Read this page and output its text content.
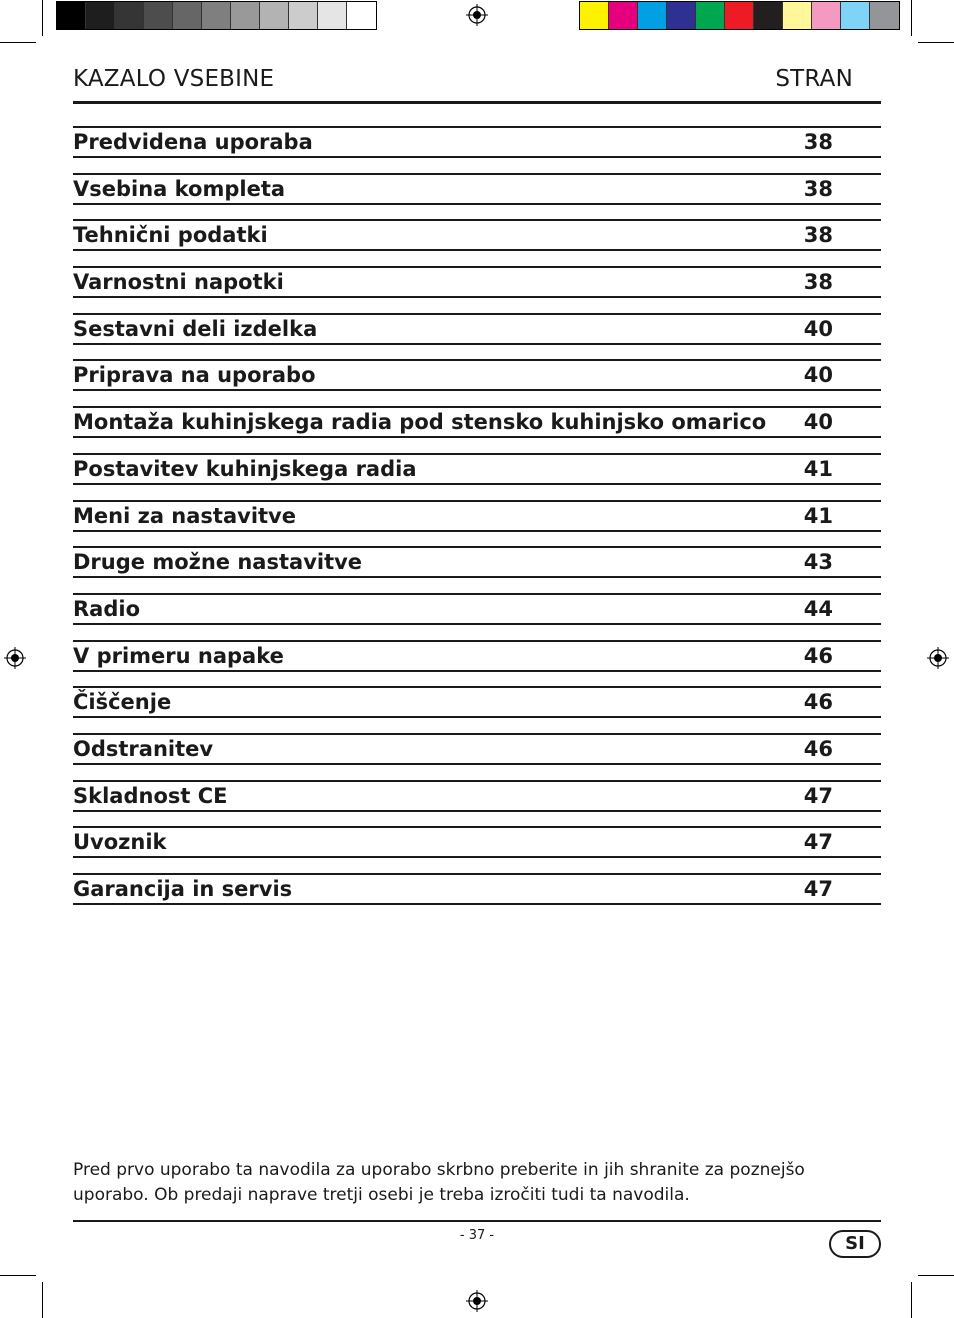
KAZALO VSEBINE	STRAN
Predvidena uporaba	38
Vsebina kompleta	38
Tehnični podatki	38
Varnostni napotki	38
Sestavni deli izdelka	40
Priprava na uporabo	40
Montaža kuhinjskega radia pod stensko kuhinjsko omarico 40
Postavitev kuhinjskega radia	41
Meni za nastavitve	41
Druge možne nastavitve	43
Radio	44
V primeru napake	46
Čiščenje	46
Odstranitev	46
Skladnost CE	47
Uvoznik	47
Garancija in servis	47
Pred prvo uporabo ta navodila za uporabo skrbno preberite in jih shranite za poznejšo
uporabo. Ob predaji naprave tretji osebi je treba izročiti tudi ta navodila.
- 37 -	SI
